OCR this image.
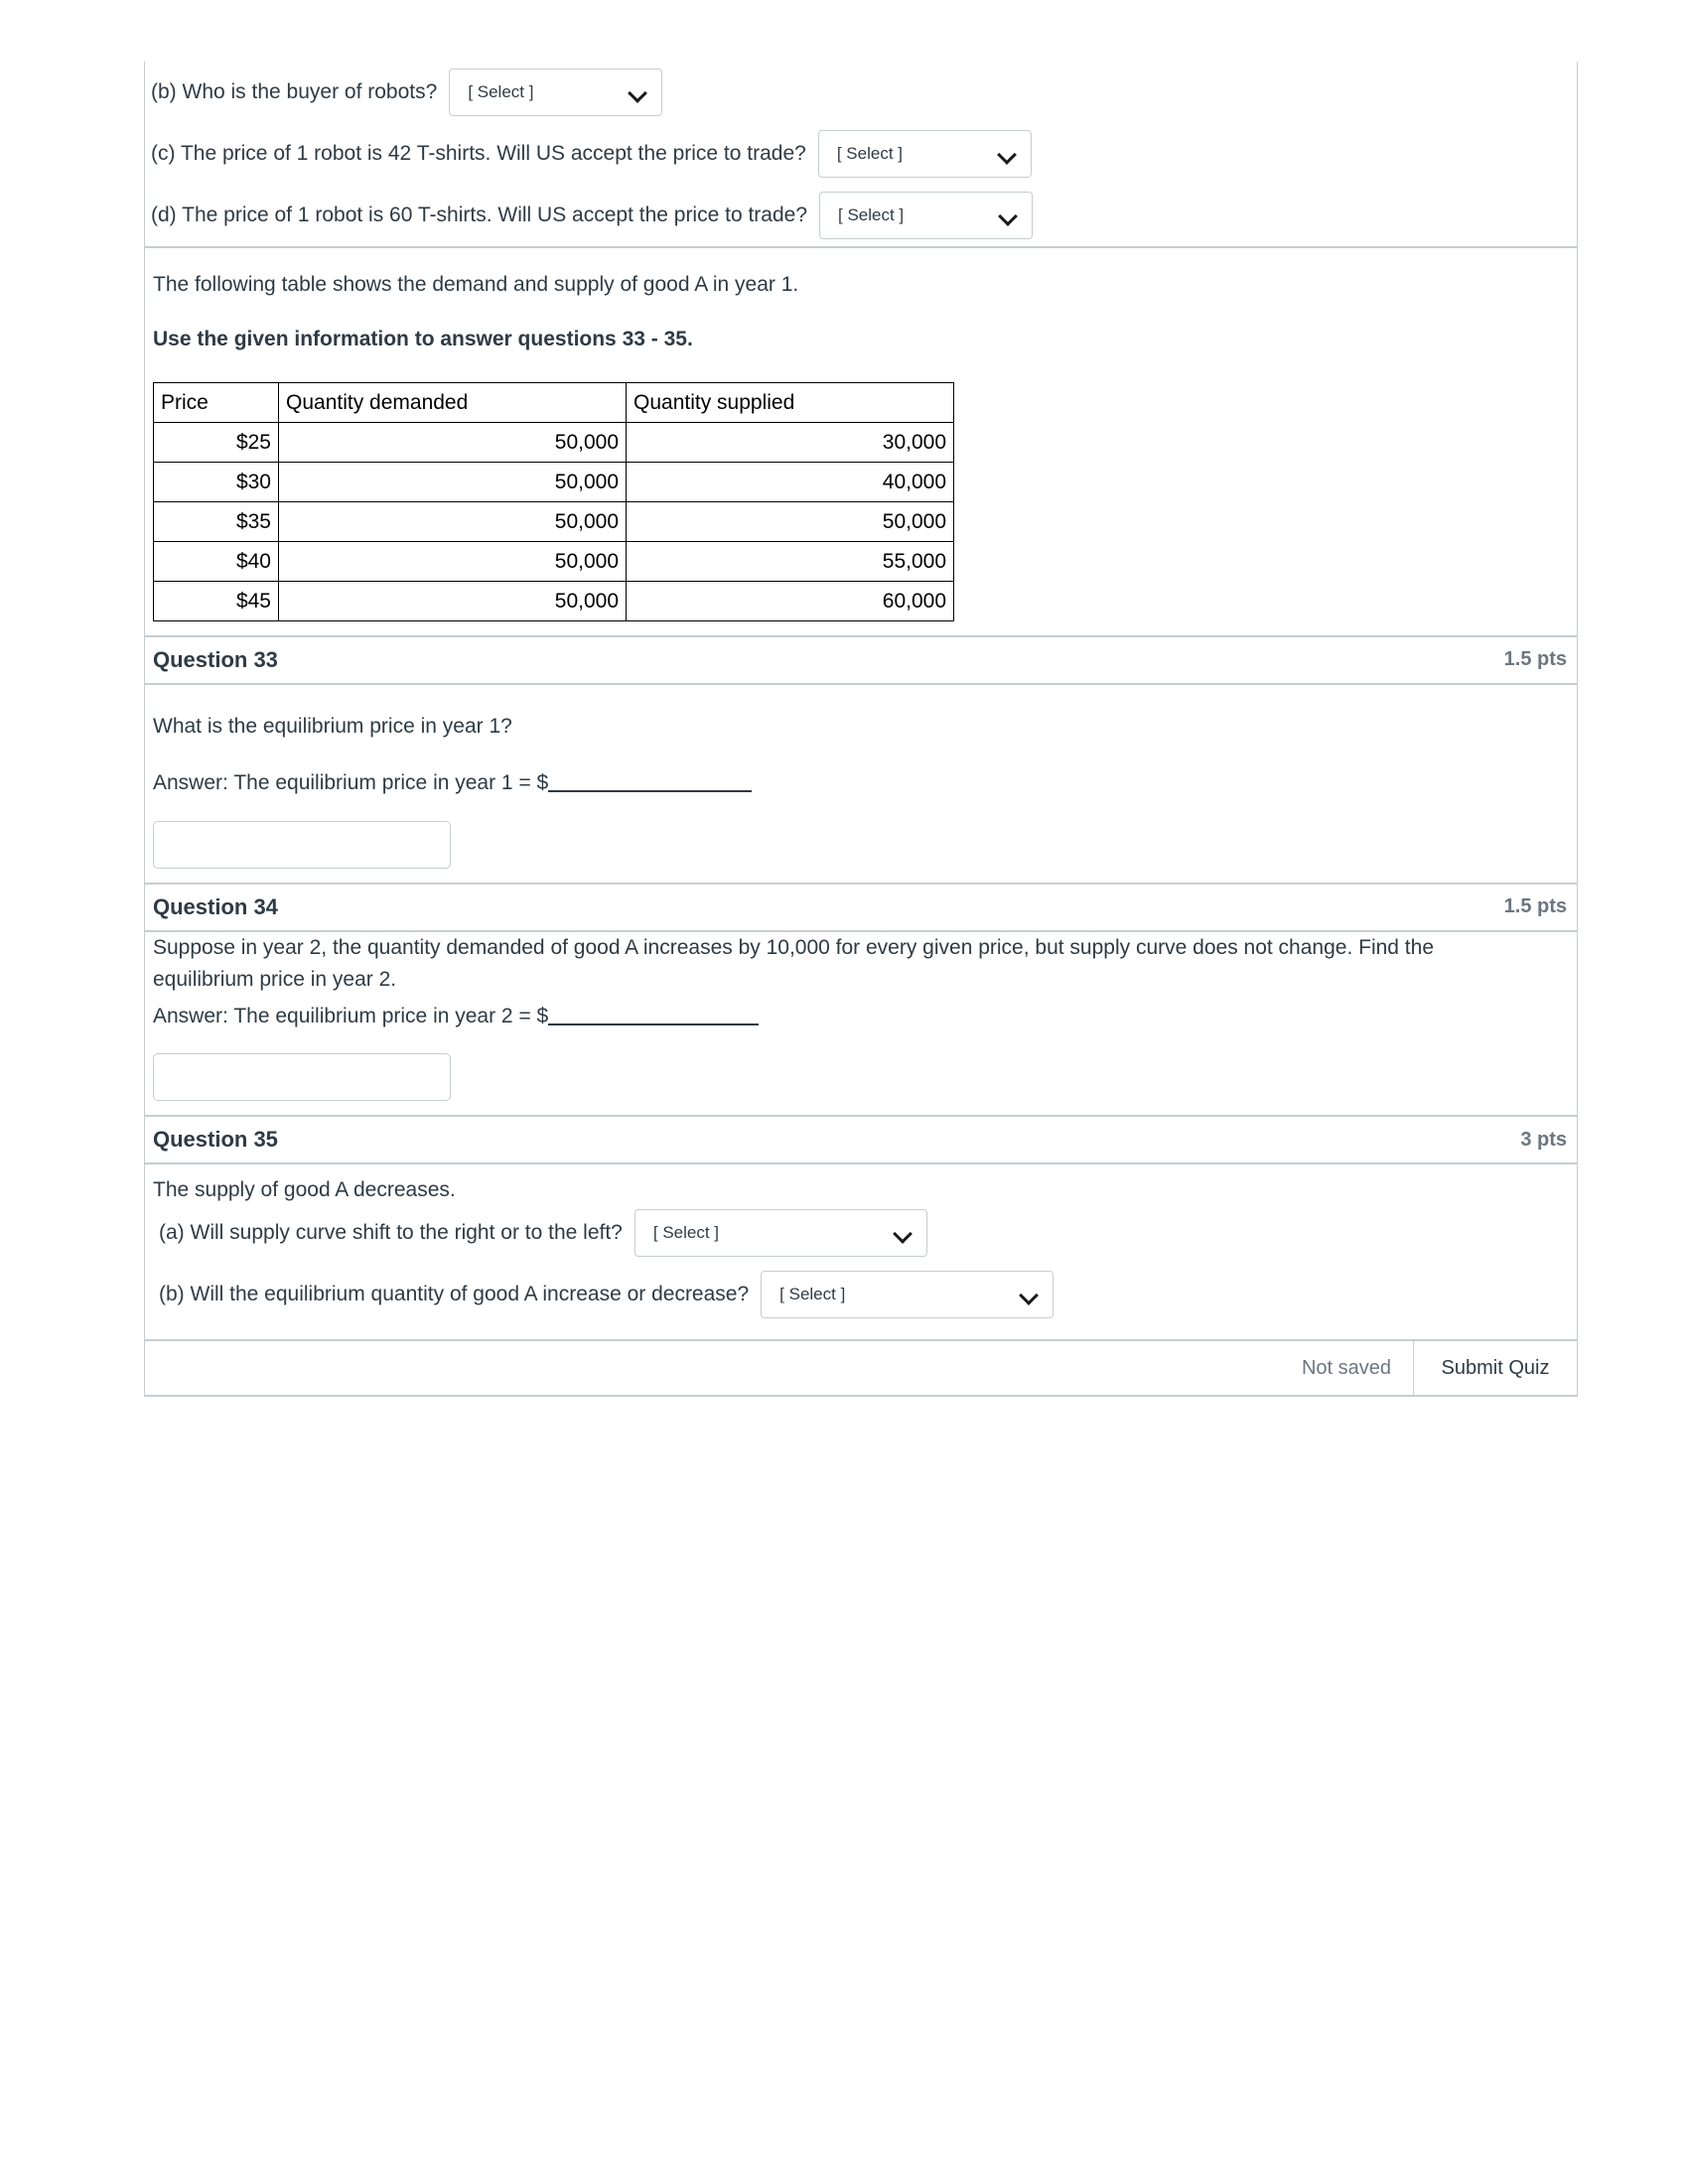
(b) Who is the buyer of robots? [ Select ]
(c) The price of 1 robot is 42 T-shirts. Will US accept the price to trade? [ Select ]
(d) The price of 1 robot is 60 T-shirts. Will US accept the price to trade? [ Select ]

The following table shows the demand and supply of good A in year 1.

Use the given information to answer questions 33 - 35.

Price	Quantity demanded	Quantity supplied
$25	50,000	30,000
$30	50,000	40,000
$35	50,000	50,000
$40	50,000	55,000
$45	50,000	60,000
Question 33	1.5 pts

What is the equilibrium price in year 1?

Answer: The equilibrium price in year 1 = $

Question 34	1.5 pts

Suppose in year 2, the quantity demanded of good A increases by 10,000 for every given price, but supply curve does not change. Find the equilibrium price in year 2.

Answer: The equilibrium price in year 2 = $

Question 35	3 pts

The supply of good A decreases.

(a) Will supply curve shift to the right or to the left? [ Select ]
(b) Will the equilibrium quantity of good A increase or decrease? [ Select ]
Not saved	Submit Quiz
